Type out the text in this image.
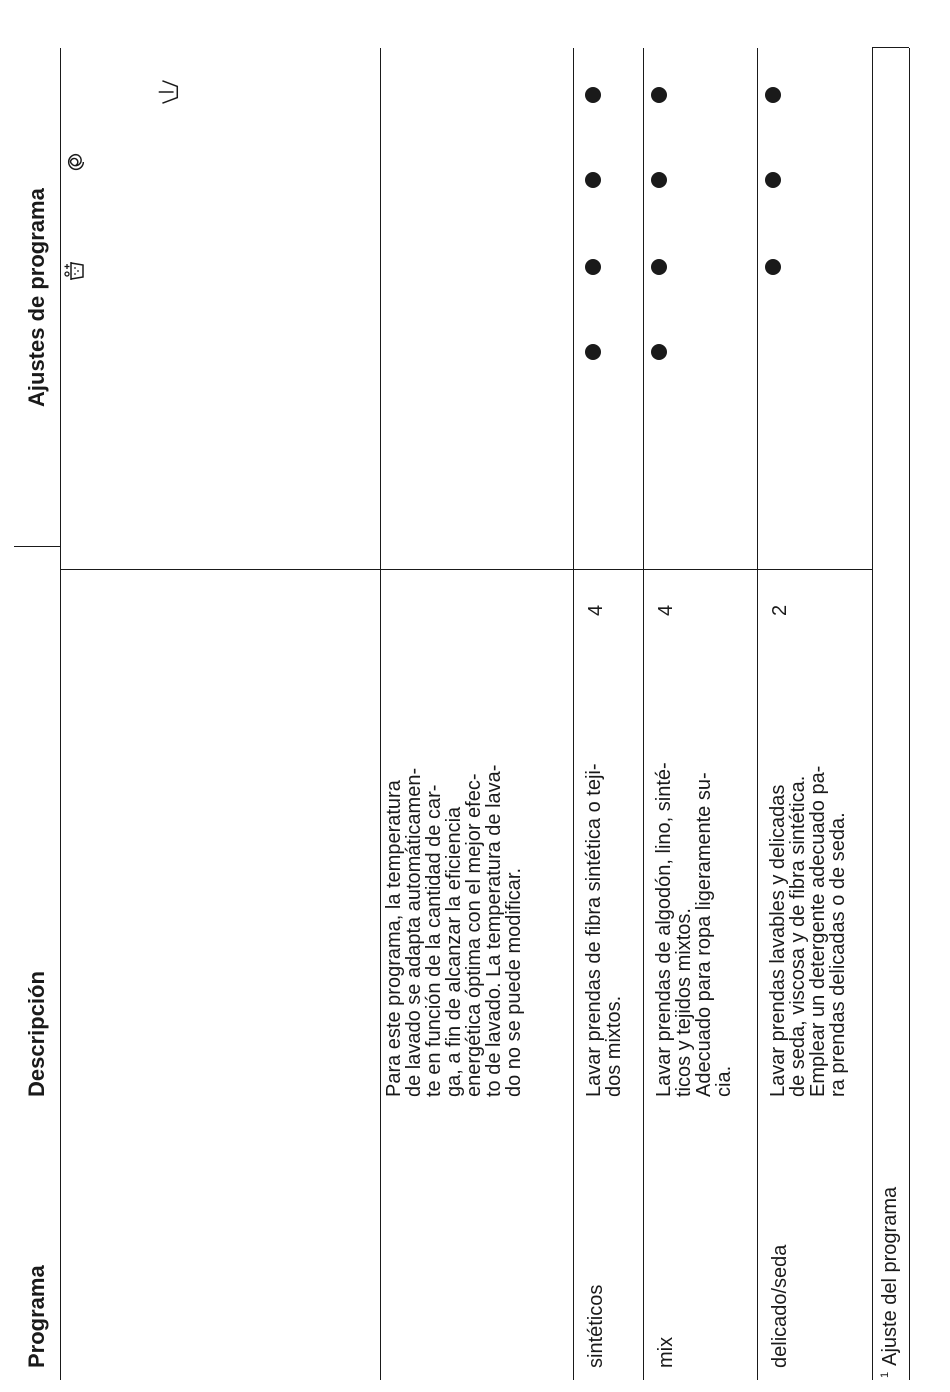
Programa
Descripción
Ajustes de programa
Para este programa, la temperatura
de lavado se adapta automáticamen-
te en función de la cantidad de car-
ga, a fin de alcanzar la eficiencia
energética óptima con el mejor efec-
to de lavado. La temperatura de lava-
do no se puede modificar.
sintéticos
Lavar prendas de fibra sintética o teji-
dos mixtos.
4
mix
Lavar prendas de algodón, lino, sinté-
ticos y tejidos mixtos.
Adecuado para ropa ligeramente su-
cia.
4
delicado/seda
Lavar prendas lavables y delicadas
de seda, viscosa y de fibra sintética.
Emplear un detergente adecuado pa-
ra prendas delicadas o de seda.
2
$^1$Ajuste del programa
